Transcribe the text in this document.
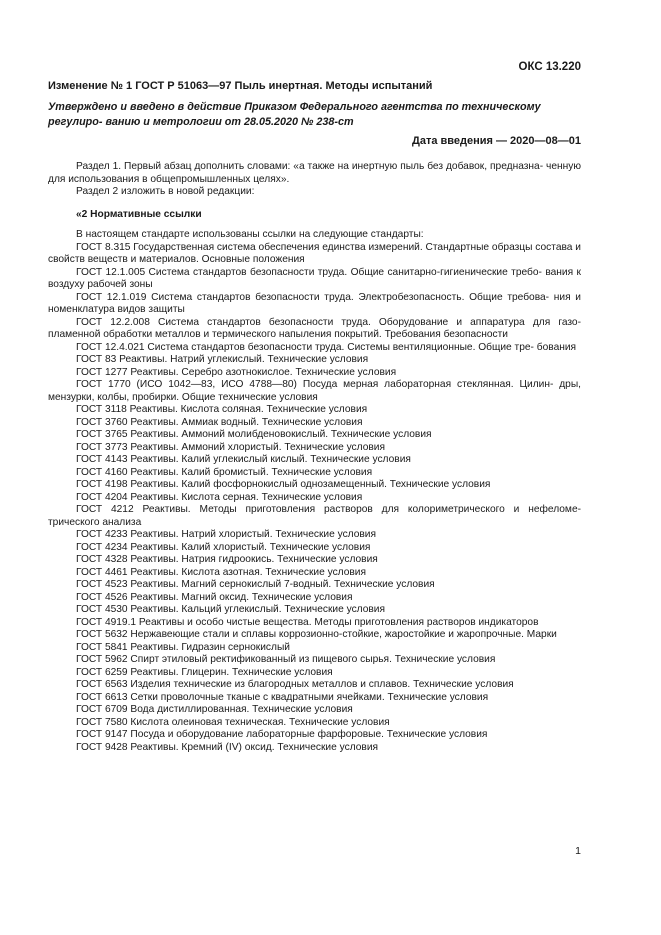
ОКС 13.220
Изменение № 1 ГОСТ Р 51063—97 Пыль инертная. Методы испытаний
Утверждено и введено в действие Приказом Федерального агентства по техническому регулиро- ванию и метрологии от 28.05.2020 № 238-ст
Дата введения — 2020—08—01

Раздел 1. Первый абзац дополнить словами: «а также на инертную пыль без добавок, предназна- ченную для использования в общепромышленных целях».

Раздел 2 изложить в новой редакции:

«2 Нормативные ссылки

В настоящем стандарте использованы ссылки на следующие стандарты:

ГОСТ 8.315 Государственная система обеспечения единства измерений. Стандартные образцы состава и свойств веществ и материалов. Основные положения

ГОСТ 12.1.005 Система стандартов безопасности труда. Общие санитарно-гигиенические требо- вания к воздуху рабочей зоны

ГОСТ 12.1.019 Система стандартов безопасности труда. Электробезопасность. Общие требова- ния и номенклатура видов защиты

ГОСТ 12.2.008 Система стандартов безопасности труда. Оборудование и аппаратура для газо- пламенной обработки металлов и термического напыления покрытий. Требования безопасности

ГОСТ 12.4.021 Система стандартов безопасности труда. Системы вентиляционные. Общие тре- бования

ГОСТ 83 Реактивы. Натрий углекислый. Технические условия

ГОСТ 1277 Реактивы. Серебро азотнокислое. Технические условия

ГОСТ 1770 (ИСО 1042—83, ИСО 4788—80) Посуда мерная лабораторная стеклянная. Цилин- дры, мензурки, колбы, пробирки. Общие технические условия

ГОСТ 3118 Реактивы. Кислота соляная. Технические условия

ГОСТ 3760 Реактивы. Аммиак водный. Технические условия

ГОСТ 3765 Реактивы. Аммоний молибденовокислый. Технические условия

ГОСТ 3773 Реактивы. Аммоний хлористый. Технические условия

ГОСТ 4143 Реактивы. Калий углекислый кислый. Технические условия

ГОСТ 4160 Реактивы. Калий бромистый. Технические условия

ГОСТ 4198 Реактивы. Калий фосфорнокислый однозамещенный. Технические условия

ГОСТ 4204 Реактивы. Кислота серная. Технические условия

ГОСТ 4212 Реактивы. Методы приготовления растворов для колориметрического и нефеломе- трического анализа

ГОСТ 4233 Реактивы. Натрий хлористый. Технические условия

ГОСТ 4234 Реактивы. Калий хлористый. Технические условия

ГОСТ 4328 Реактивы. Натрия гидроокись. Технические условия

ГОСТ 4461 Реактивы. Кислота азотная. Технические условия

ГОСТ 4523 Реактивы. Магний сернокислый 7-водный. Технические условия

ГОСТ 4526 Реактивы. Магний оксид. Технические условия

ГОСТ 4530 Реактивы. Кальций углекислый. Технические условия

ГОСТ 4919.1 Реактивы и особо чистые вещества. Методы приготовления растворов индикаторов

ГОСТ 5632 Нержавеющие стали и сплавы коррозионно-стойкие, жаростойкие и жаропрочные. Марки

ГОСТ 5841 Реактивы. Гидразин сернокислый

ГОСТ 5962 Спирт этиловый ректификованный из пищевого сырья. Технические условия

ГОСТ 6259 Реактивы. Глицерин. Технические условия

ГОСТ 6563 Изделия технические из благородных металлов и сплавов. Технические условия

ГОСТ 6613 Сетки проволочные тканые с квадратными ячейками. Технические условия

ГОСТ 6709 Вода дистиллированная. Технические условия

ГОСТ 7580 Кислота олеиновая техническая. Технические условия

ГОСТ 9147 Посуда и оборудование лабораторные фарфоровые. Технические условия

ГОСТ 9428 Реактивы. Кремний (IV) оксид. Технические условия

1
